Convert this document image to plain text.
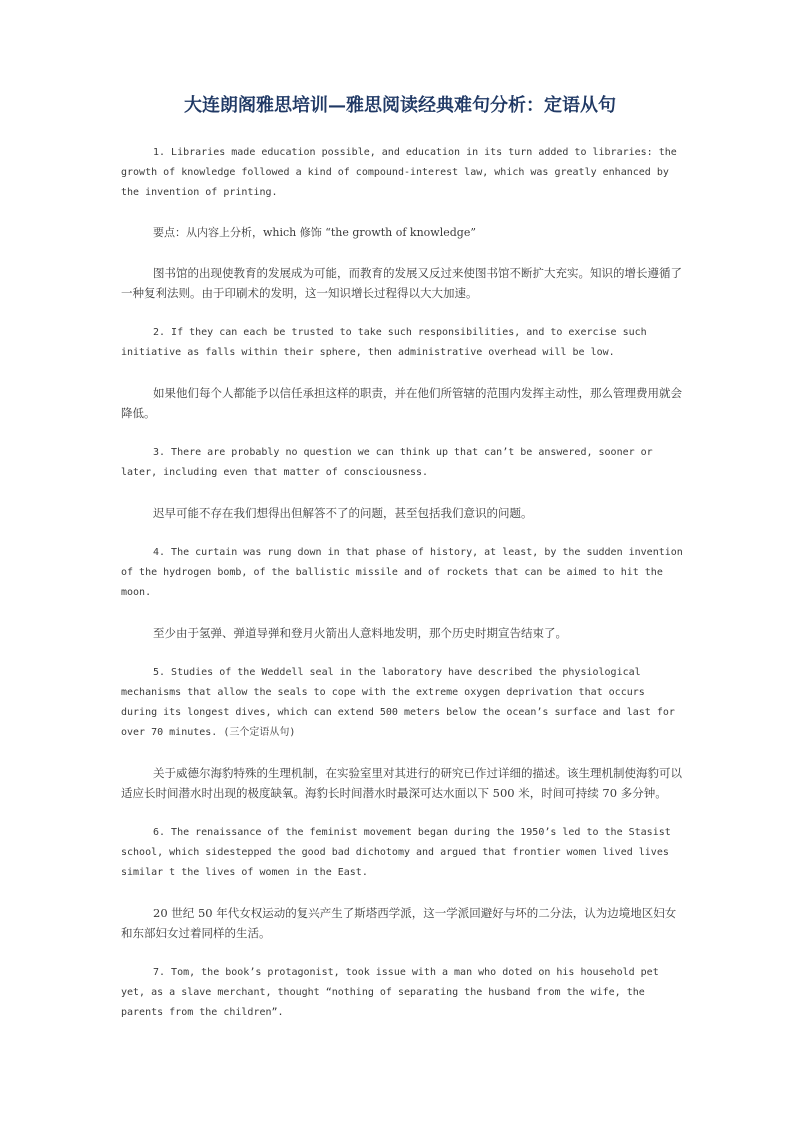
大连朗阁雅思培训—雅思阅读经典难句分析：定语从句

1. Libraries made education possible, and education in its turn added to libraries: the growth of knowledge followed a kind of compound-interest law, which was greatly enhanced by the invention of printing.

要点：从内容上分析，which 修饰 “the growth of knowledge”

图书馆的出现使教育的发展成为可能，而教育的发展又反过来使图书馆不断扩大充实。知识的增长遵循了一种复利法则。由于印刷术的发明，这一知识增长过程得以大大加速。

2. If they can each be trusted to take such responsibilities, and to exercise such initiative as falls within their sphere, then administrative overhead will be low.

如果他们每个人都能予以信任承担这样的职责，并在他们所管辖的范围内发挥主动性，那么管理费用就会降低。

3. There are probably no question we can think up that can’t be answered, sooner or later, including even that matter of consciousness.

迟早可能不存在我们想得出但解答不了的问题，甚至包括我们意识的问题。

4. The curtain was rung down in that phase of history, at least, by the sudden invention of the hydrogen bomb, of the ballistic missile and of rockets that can be aimed to hit the moon.

至少由于氢弹、弹道导弹和登月火箭出人意料地发明，那个历史时期宣告结束了。

5. Studies of the Weddell seal in the laboratory have described the physiological mechanisms that allow the seals to cope with the extreme oxygen deprivation that occurs during its longest dives, which can extend 500 meters below the ocean’s surface and last for over 70 minutes. (三个定语从句)

关于威德尔海豹特殊的生理机制，在实验室里对其进行的研究已作过详细的描述。该生理机制使海豹可以适应长时间潜水时出现的极度缺氧。海豹长时间潜水时最深可达水面以下 500 米，时间可持续 70 多分钟。

6. The renaissance of the feminist movement began during the 1950’s led to the Stasist school, which sidestepped the good bad dichotomy and argued that frontier women lived lives similar t the lives of women in the East.

20 世纪 50 年代女权运动的复兴产生了斯塔西学派，这一学派回避好与坏的二分法，认为边境地区妇女和东部妇女过着同样的生活。

7. Tom, the book’s protagonist, took issue with a man who doted on his household pet yet, as a slave merchant, thought “nothing of separating the husband from the wife, the parents from the children”.
